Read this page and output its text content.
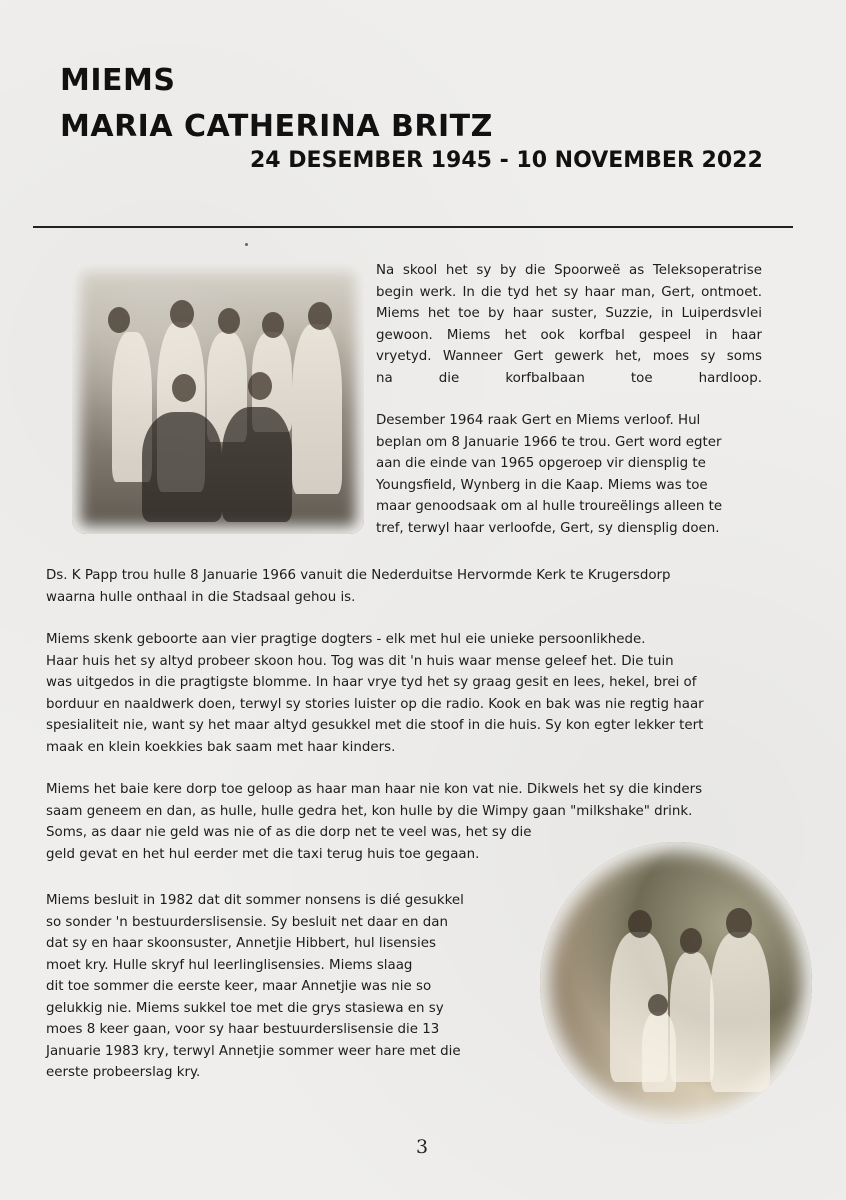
MIEMS
MARIA CATHERINA BRITZ
24 DESEMBER 1945 - 10 NOVEMBER 2022

Na skool het sy by die Spoorweë as Teleksoperatrise
begin werk. In die tyd het sy haar man, Gert, ontmoet.
Miems het toe by haar suster, Suzzie, in Luiperdsvlei
gewoon. Miems het ook korfbal gespeel in haar
vryetyd. Wanneer Gert gewerk het, moes sy soms
na die korfbalbaan toe hardloop.

Desember 1964 raak Gert en Miems verloof. Hul
beplan om 8 Januarie 1966 te trou. Gert word egter
aan die einde van 1965 opgeroep vir diensplig te
Youngsfield, Wynberg in die Kaap. Miems was toe
maar genoodsaak om al hulle troureëlings alleen te
tref, terwyl haar verloofde, Gert, sy diensplig doen.

Ds. K Papp trou hulle 8 Januarie 1966 vanuit die Nederduitse Hervormde Kerk te Krugersdorp
waarna hulle onthaal in die Stadsaal gehou is.

Miems skenk geboorte aan vier pragtige dogters - elk met hul eie unieke persoonlikhede.
Haar huis het sy altyd probeer skoon hou. Tog was dit 'n huis waar mense geleef het. Die tuin
was uitgedos in die pragtigste blomme. In haar vrye tyd het sy graag gesit en lees, hekel, brei of
borduur en naaldwerk doen, terwyl sy stories luister op die radio. Kook en bak was nie regtig haar
spesialiteit nie, want sy het maar altyd gesukkel met die stoof in die huis. Sy kon egter lekker tert
maak en klein koekkies bak saam met haar kinders.

Miems het baie kere dorp toe geloop as haar man haar nie kon vat nie. Dikwels het sy die kinders
saam geneem en dan, as hulle, hulle gedra het, kon hulle by die Wimpy gaan "milkshake" drink.
Soms, as daar nie geld was nie of as die dorp net te veel was, het sy die
geld gevat en het hul eerder met die taxi terug huis toe gegaan.

Miems besluit in 1982 dat dit sommer nonsens is dié gesukkel
so sonder 'n bestuurderslisensie. Sy besluit net daar en dan
dat sy en haar skoonsuster, Annetjie Hibbert, hul lisensies
moet kry. Hulle skryf hul leerlinglisensies. Miems slaag
dit toe sommer die eerste keer, maar Annetjie was nie so
gelukkig nie. Miems sukkel toe met die grys stasiewa en sy
moes 8 keer gaan, voor sy haar bestuurderslisensie die 13
Januarie 1983 kry, terwyl Annetjie sommer weer hare met die
eerste probeerslag kry.

3
